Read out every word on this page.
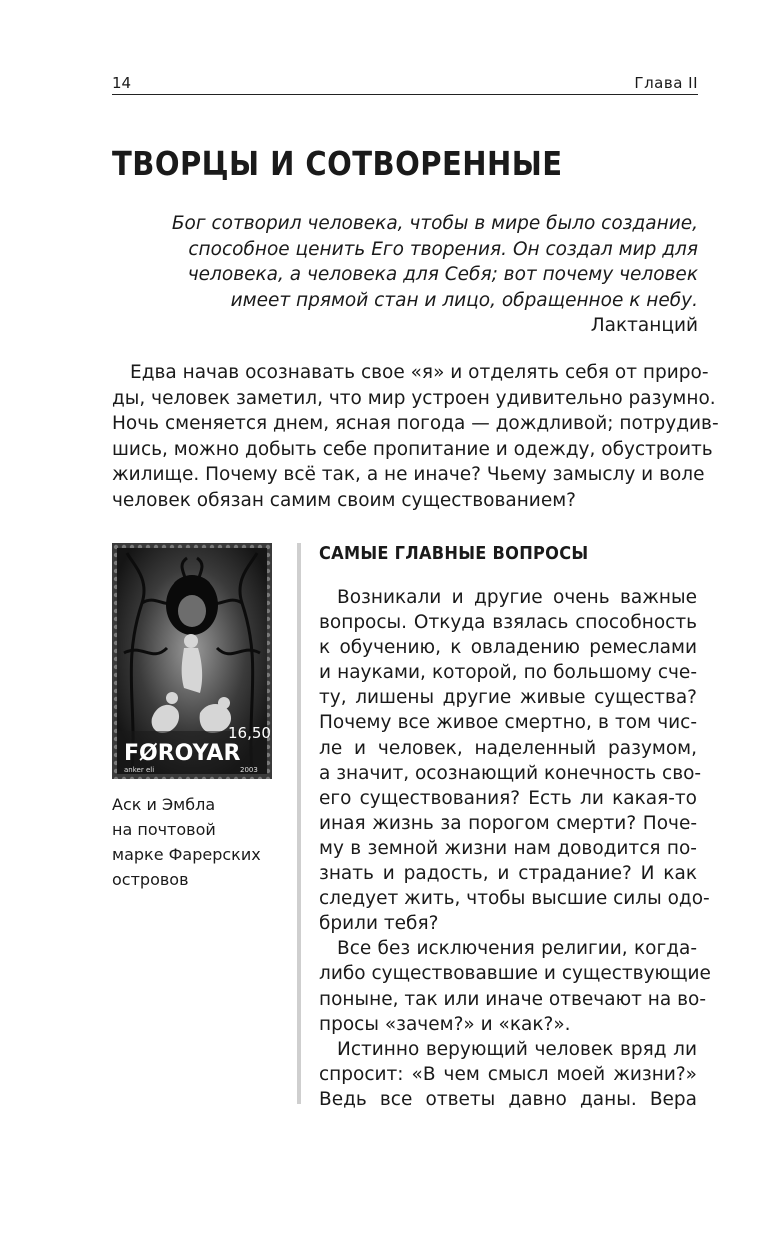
14	Глава II
ТВОРЦЫ И СОТВОРЕННЫЕ
Бог сотворил человека, чтобы в мире было создание,
способное ценить Его творения. Он создал мир для
человека, а человека для Себя; вот почему человек
имеет прямой стан и лицо, обращенное к небу.
Лактанций
Едва начав осознавать свое «я» и отделять себя от приро-
ды, человек заметил, что мир устроен удивительно разумно.
Ночь сменяется днем, ясная погода — дождливой; потрудив-
шись, можно добыть себе пропитание и одежду, обустроить
жилище. Почему всё так, а не иначе? Чьему замыслу и воле
человек обязан самим своим существованием?
16,50
FØROYAR
anker eli	2003
Аск и Эмбла
на почтовой
марке Фарерских
островов
САМЫЕ ГЛАВНЫЕ ВОПРОСЫ
Возникали и другие очень важные
вопросы. Откуда взялась способность
к обучению, к овладению ремеслами
и науками, которой, по большому сче-
ту, лишены другие живые существа?
Почему все живое смертно, в том чис-
ле и человек, наделенный разумом,
а значит, осознающий конечность сво-
его существования? Есть ли какая-то
иная жизнь за порогом смерти? Поче-
му в земной жизни нам доводится по-
знать и радость, и страдание? И как
следует жить, чтобы высшие силы одо-
брили тебя?
Все без исключения религии, когда-
либо существовавшие и существующие
поныне, так или иначе отвечают на во-
просы «зачем?» и «как?».
Истинно верующий человек вряд ли
спросит: «В чем смысл моей жизни?»
Ведь все ответы давно даны. Вера
